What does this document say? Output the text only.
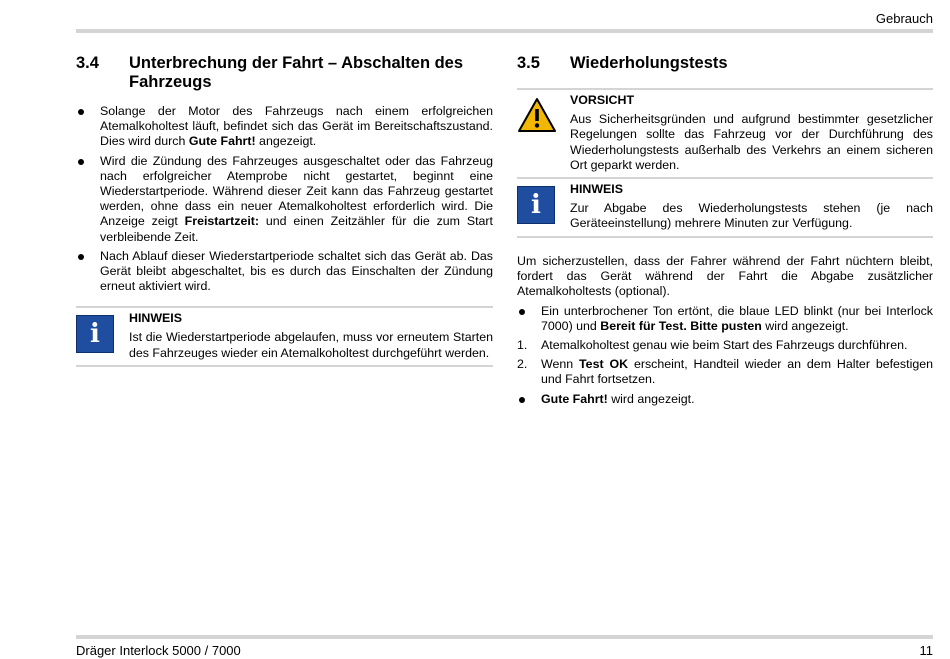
Gebrauch
3.4	Unterbrechung der Fahrt – Abschalten des Fahrzeugs
Solange der Motor des Fahrzeugs nach einem erfolgreichen Atemalkoholtest läuft, befindet sich das Gerät im Bereitschaftszustand. Dies wird durch Gute Fahrt! angezeigt.
Wird die Zündung des Fahrzeuges ausgeschaltet oder das Fahrzeug nach erfolgreicher Atemprobe nicht gestartet, beginnt eine Wiederstartperiode. Während dieser Zeit kann das Fahrzeug gestartet werden, ohne dass ein neuer Atemalkoholtest erforderlich wird. Die Anzeige zeigt Freistartzeit: und einen Zeitzähler für die zum Start verbleibende Zeit.
Nach Ablauf dieser Wiederstartperiode schaltet sich das Gerät ab. Das Gerät bleibt abgeschaltet, bis es durch das Einschalten der Zündung erneut aktiviert wird.
i
HINWEIS
Ist die Wiederstartperiode abgelaufen, muss vor erneutem Starten des Fahrzeuges wieder ein Atemalkoholtest durchgeführt werden.
3.5	Wiederholungstests
VORSICHT
Aus Sicherheitsgründen und aufgrund bestimmter gesetzlicher Regelungen sollte das Fahrzeug vor der Durchführung des Wiederholungstests außerhalb des Verkehrs an einem sicheren Ort geparkt werden.
i
HINWEIS
Zur Abgabe des Wiederholungstests stehen (je nach Geräteeinstellung) mehrere Minuten zur Verfügung.
Um sicherzustellen, dass der Fahrer während der Fahrt nüchtern bleibt, fordert das Gerät während der Fahrt die Abgabe zusätzlicher Atemalkoholtests (optional).
Ein unterbrochener Ton ertönt, die blaue LED blinkt (nur bei Interlock 7000) und Bereit für Test. Bitte pusten wird angezeigt.
1. Atemalkoholtest genau wie beim Start des Fahrzeugs durchführen.
2. Wenn Test OK erscheint, Handteil wieder an dem Halter befestigen und Fahrt fortsetzen.
Gute Fahrt! wird angezeigt.
Dräger Interlock 5000 / 7000	11
